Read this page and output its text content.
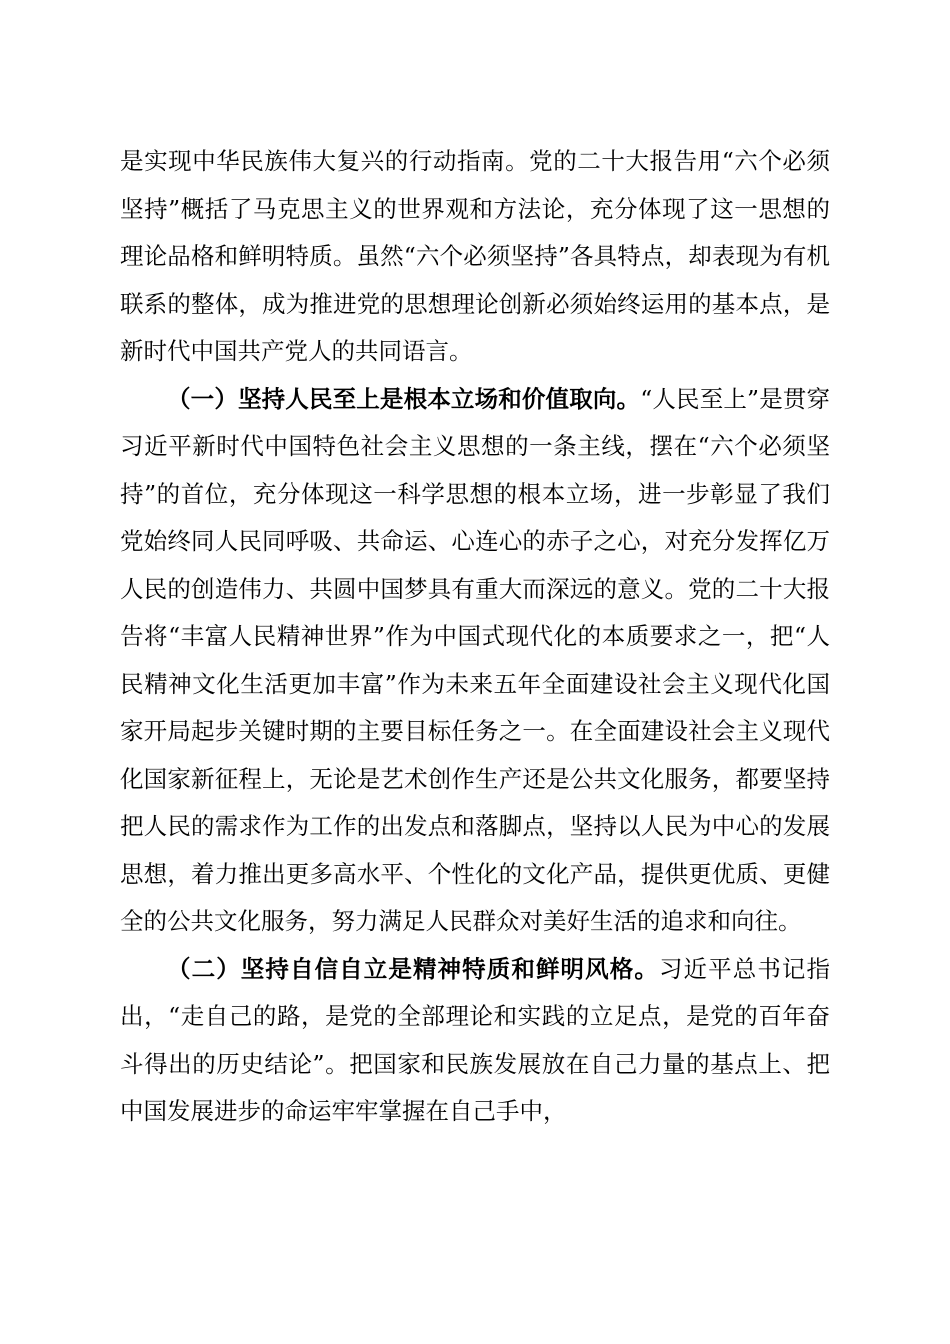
是实现中华民族伟大复兴的行动指南。党的二十大报告用“六个必须坚持”概括了马克思主义的世界观和方法论，充分体现了这一思想的理论品格和鲜明特质。虽然“六个必须坚持”各具特点，却表现为有机联系的整体，成为推进党的思想理论创新必须始终运用的基本点，是新时代中国共产党人的共同语言。

（一）坚持人民至上是根本立场和价值取向。“人民至上”是贯穿习近平新时代中国特色社会主义思想的一条主线，摆在“六个必须坚持”的首位，充分体现这一科学思想的根本立场，进一步彰显了我们党始终同人民同呼吸、共命运、心连心的赤子之心，对充分发挥亿万人民的创造伟力、共圆中国梦具有重大而深远的意义。党的二十大报告将“丰富人民精神世界”作为中国式现代化的本质要求之一，把“人民精神文化生活更加丰富”作为未来五年全面建设社会主义现代化国家开局起步关键时期的主要目标任务之一。在全面建设社会主义现代化国家新征程上，无论是艺术创作生产还是公共文化服务，都要坚持把人民的需求作为工作的出发点和落脚点，坚持以人民为中心的发展思想，着力推出更多高水平、个性化的文化产品，提供更优质、更健全的公共文化服务，努力满足人民群众对美好生活的追求和向往。

（二）坚持自信自立是精神特质和鲜明风格。习近平总书记指出，“走自己的路，是党的全部理论和实践的立足点，是党的百年奋斗得出的历史结论”。把国家和民族发展放在自己力量的基点上、把中国发展进步的命运牢牢掌握在自己手中，
